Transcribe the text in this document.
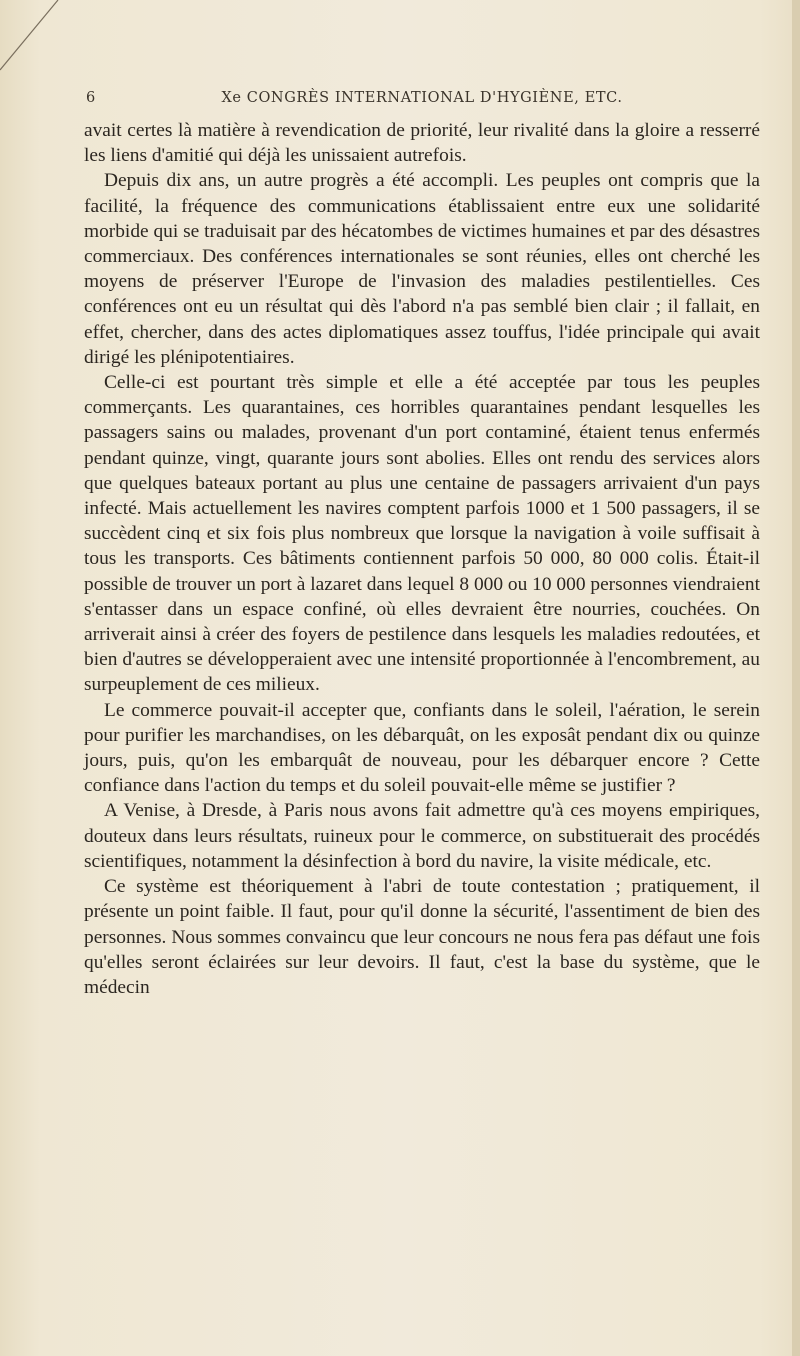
6	Xe CONGRÈS INTERNATIONAL D'HYGIÈNE, ETC.

avait certes là matière à revendication de priorité, leur rivalité dans la gloire a resserré les liens d'amitié qui déjà les unissaient autrefois.

Depuis dix ans, un autre progrès a été accompli. Les peuples ont compris que la facilité, la fréquence des communications établissaient entre eux une solidarité morbide qui se traduisait par des hécatombes de victimes humaines et par des désastres commerciaux. Des conférences internationales se sont réunies, elles ont cherché les moyens de préserver l'Europe de l'invasion des maladies pestilentielles. Ces conférences ont eu un résultat qui dès l'abord n'a pas semblé bien clair ; il fallait, en effet, chercher, dans des actes diplomatiques assez touffus, l'idée principale qui avait dirigé les plénipotentiaires.

Celle-ci est pourtant très simple et elle a été acceptée par tous les peuples commerçants. Les quarantaines, ces horribles quarantaines pendant lesquelles les passagers sains ou malades, provenant d'un port contaminé, étaient tenus enfermés pendant quinze, vingt, quarante jours sont abolies. Elles ont rendu des services alors que quelques bateaux portant au plus une centaine de passagers arrivaient d'un pays infecté. Mais actuellement les navires comptent parfois 1000 et 1 500 passagers, il se succèdent cinq et six fois plus nombreux que lorsque la navigation à voile suffisait à tous les transports. Ces bâtiments contiennent parfois 50 000, 80 000 colis. Était-il possible de trouver un port à lazaret dans lequel 8 000 ou 10 000 personnes viendraient s'entasser dans un espace confiné, où elles devraient être nourries, couchées. On arriverait ainsi à créer des foyers de pestilence dans lesquels les maladies redoutées, et bien d'autres se développeraient avec une intensité proportionnée à l'encombrement, au surpeuplement de ces milieux.

Le commerce pouvait-il accepter que, confiants dans le soleil, l'aération, le serein pour purifier les marchandises, on les débarquât, on les exposât pendant dix ou quinze jours, puis, qu'on les embarquât de nouveau, pour les débarquer encore ? Cette confiance dans l'action du temps et du soleil pouvait-elle même se justifier ?

A Venise, à Dresde, à Paris nous avons fait admettre qu'à ces moyens empiriques, douteux dans leurs résultats, ruineux pour le commerce, on substituerait des procédés scientifiques, notamment la désinfection à bord du navire, la visite médicale, etc.

Ce système est théoriquement à l'abri de toute contestation ; pratiquement, il présente un point faible. Il faut, pour qu'il donne la sécurité, l'assentiment de bien des personnes. Nous sommes convaincu que leur concours ne nous fera pas défaut une fois qu'elles seront éclairées sur leur devoirs. Il faut, c'est la base du système, que le médecin
